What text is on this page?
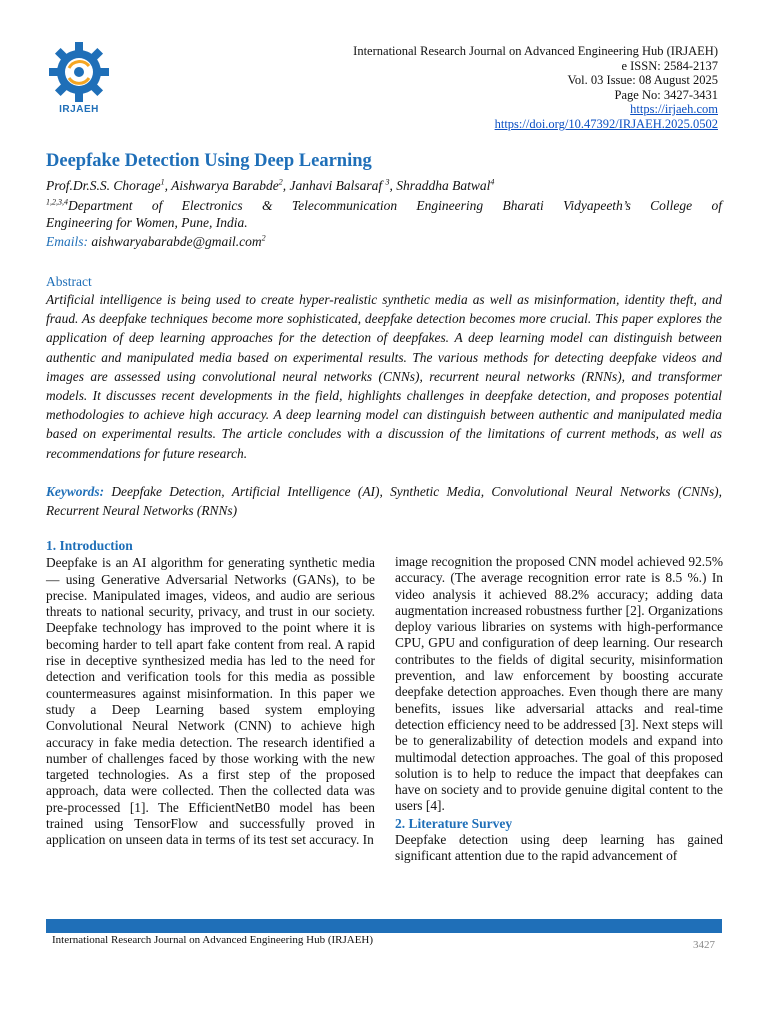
IRJAEH
International Research Journal on Advanced Engineering Hub (IRJAEH)
e ISSN: 2584-2137
Vol. 03 Issue: 08 August 2025
Page No: 3427-3431
https://irjaeh.com
https://doi.org/10.47392/IRJAEH.2025.0502
Deepfake Detection Using Deep Learning
Prof.Dr.S.S. Chorage$^1$, Aishwarya Barabde$^2$, Janhavi Balsaraf $^3$, Shraddha Batwal$^4$
$^{1,2,3,4}$Department of Electronics & Telecommunication Engineering Bharati Vidyapeeth’s College of
Engineering for Women, Pune, India.
Emails: aishwaryabarabde@gmail.com$^2$
Abstract
Artificial intelligence is being used to create hyper-realistic synthetic media as well as misinformation, identity theft, and fraud. As deepfake techniques become more sophisticated, deepfake detection becomes more crucial. This paper explores the application of deep learning approaches for the detection of deepfakes. A deep learning model can distinguish between authentic and manipulated media based on experimental results. The various methods for detecting deepfake videos and images are assessed using convolutional neural networks (CNNs), recurrent neural networks (RNNs), and transformer models. It discusses recent developments in the field, highlights challenges in deepfake detection, and proposes potential methodologies to achieve high accuracy. A deep learning model can distinguish between authentic and manipulated media based on experimental results. The article concludes with a discussion of the limitations of current methods, as well as recommendations for future research.
Keywords: Deepfake Detection, Artificial Intelligence (AI), Synthetic Media, Convolutional Neural Networks (CNNs), Recurrent Neural Networks (RNNs)
1. Introduction

Deepfake is an AI algorithm for generating synthetic media — using Generative Adversarial Networks (GANs), to be precise. Manipulated images, videos, and audio are serious threats to national security, privacy, and trust in our society. Deepfake technology has improved to the point where it is becoming harder to tell apart fake content from real. A rapid rise in deceptive synthesized media has led to the need for detection and verification tools for this media as possible countermeasures against misinformation. In this paper we study a Deep Learning based system employing Convolutional Neural Network (CNN) to achieve high accuracy in fake media detection. The research identified a number of challenges faced by those working with the new targeted technologies. As a first step of the proposed approach, data were collected. Then the collected data was pre-processed [1]. The EfficientNetB0 model has been trained using TensorFlow and successfully proved in application on unseen data in terms of its test set accuracy. In

image recognition the proposed CNN model achieved 92.5% accuracy. (The average recognition error rate is 8.5 %.) In video analysis it achieved 88.2% accuracy; adding data augmentation increased robustness further [2]. Organizations deploy various libraries on systems with high-performance CPU, GPU and configuration of deep learning. Our research contributes to the fields of digital security, misinformation prevention, and law enforcement by boosting accurate deepfake detection approaches. Even though there are many benefits, issues like adversarial attacks and real-time detection efficiency need to be addressed [3]. Next steps will be to generalizability of detection models and expand into multimodal detection approaches. The goal of this proposed solution is to help to reduce the impact that deepfakes can have on society and to provide genuine digital content to the users [4].

2. Literature Survey

Deepfake detection using deep learning has gained significant attention due to the rapid advancement of

International Research Journal on Advanced Engineering Hub (IRJAEH)	3427
